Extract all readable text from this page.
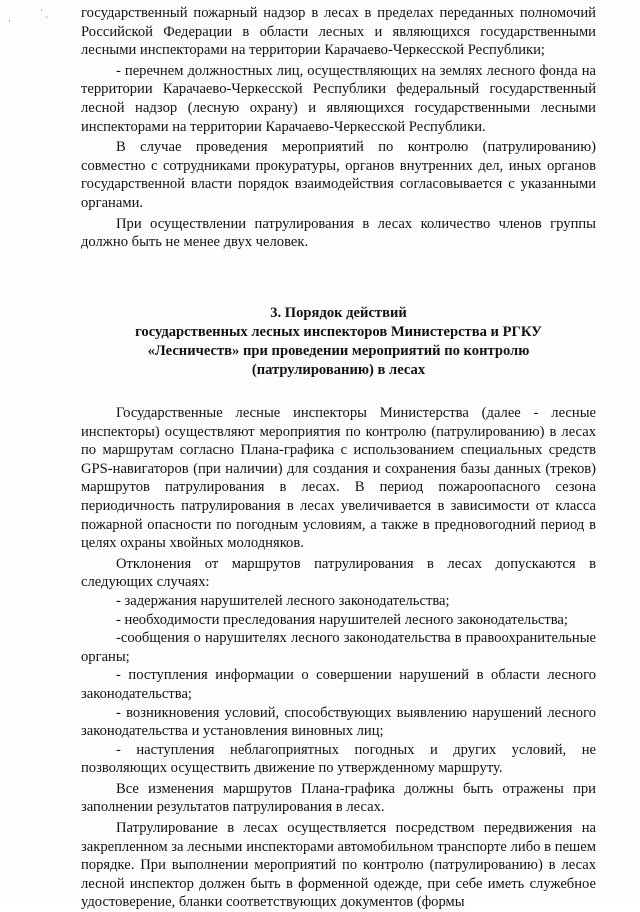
·
˙ ˎ государственный пожарный надзор в лесах в пределах переданных полномочий Российской Федерации в области лесных и являющихся государственными лесными инспекторами на территории Карачаево-Черкесской Республики;

- перечнем должностных лиц, осуществляющих на землях лесного фонда на территории Карачаево-Черкесской Республики федеральный государственный лесной надзор (лесную охрану) и являющихся государственными лесными инспекторами на территории Карачаево-Черкесской Республики.

В случае проведения мероприятий по контролю (патрулированию) совместно с сотрудниками прокуратуры, органов внутренних дел, иных органов государственной власти порядок взаимодействия согласовывается с указанными органами.

При осуществлении патрулирования в лесах количество членов группы должно быть не менее двух человек.

3. Порядок действий
государственных лесных инспекторов Министерства и РГКУ
«Лесничеств» при проведении мероприятий по контролю
(патрулированию) в лесах

Государственные лесные инспекторы Министерства (далее - лесные инспекторы) осуществляют мероприятия по контролю (патрулированию) в лесах по маршрутам согласно Плана-графика с использованием специальных средств GPS-навигаторов (при наличии) для создания и сохранения базы данных (треков) маршрутов патрулирования в лесах. В период пожароопасного сезона периодичность патрулирования в лесах увеличивается в зависимости от класса пожарной опасности по погодным условиям, а также в предновогодний период в целях охраны хвойных молодняков.

Отклонения от маршрутов патрулирования в лесах допускаются в следующих случаях:

- задержания нарушителей лесного законодательства;

- необходимости преследования нарушителей лесного законодательства;

-сообщения о нарушителях лесного законодательства в правоохранительные органы;

- поступления информации о совершении нарушений в области лесного законодательства;

- возникновения условий, способствующих выявлению нарушений лесного законодательства и установления виновных лиц;

- наступления неблагоприятных погодных и других условий, не позволяющих осуществить движение по утвержденному маршруту.

Все изменения маршрутов Плана-графика должны быть отражены при заполнении результатов патрулирования в лесах.

Патрулирование в лесах осуществляется посредством передвижения на закрепленном за лесными инспекторами автомобильном транспорте либо в пешем порядке. При выполнении мероприятий по контролю (патрулированию) в лесах лесной инспектор должен быть в форменной одежде, при себе иметь служебное удостоверение, бланки соответствующих документов (формы
